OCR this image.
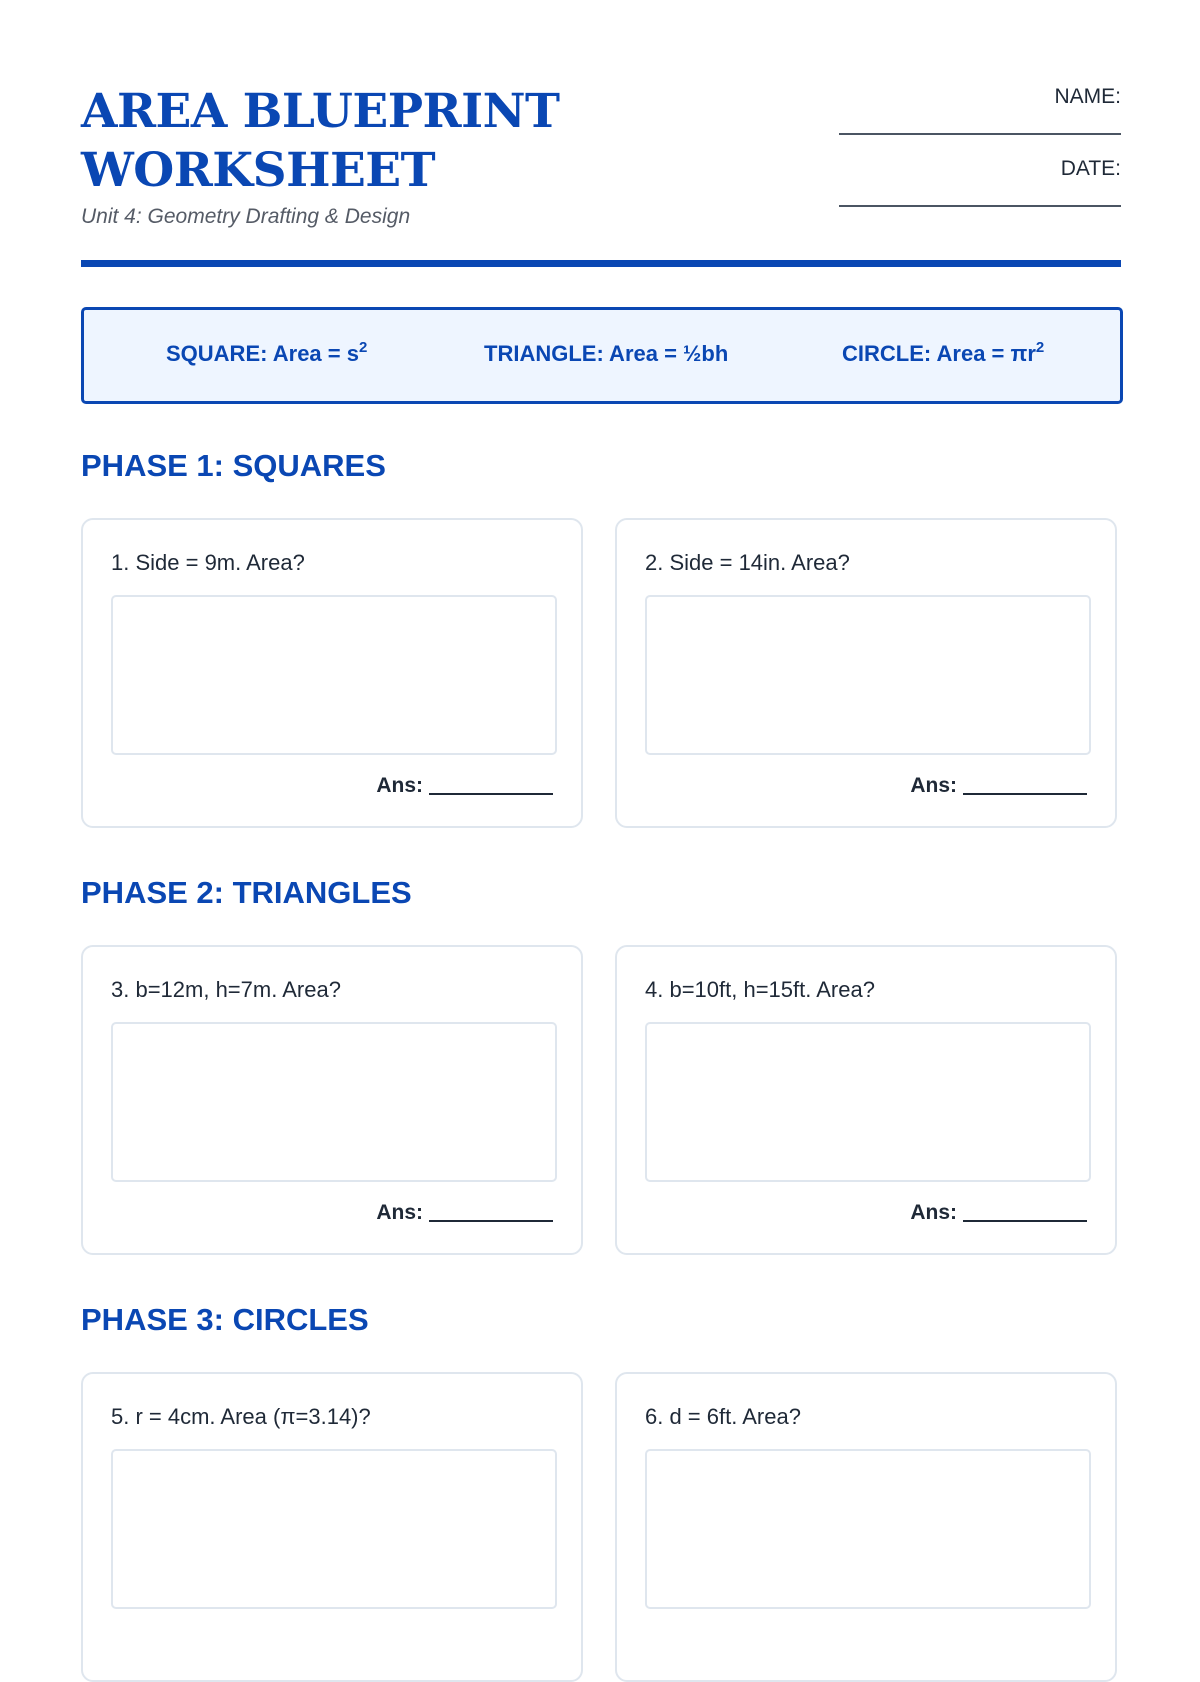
AREA BLUEPRINT
WORKSHEET
Unit 4: Geometry Drafting & Design
NAME:
DATE:
SQUARE: Area = $s^2$	TRIANGLE: Area = ½bh	CIRCLE: Area = $\pi r^2$
PHASE 1: SQUARES
1. Side = 9m. Area?
Ans:
2. Side = 14in. Area?
Ans:
PHASE 2: TRIANGLES
3. b=12m, h=7m. Area?
Ans:
4. b=10ft, h=15ft. Area?
Ans:
PHASE 3: CIRCLES
5. r = 4cm. Area (π=3.14)?	6. d = 6ft. Area?
